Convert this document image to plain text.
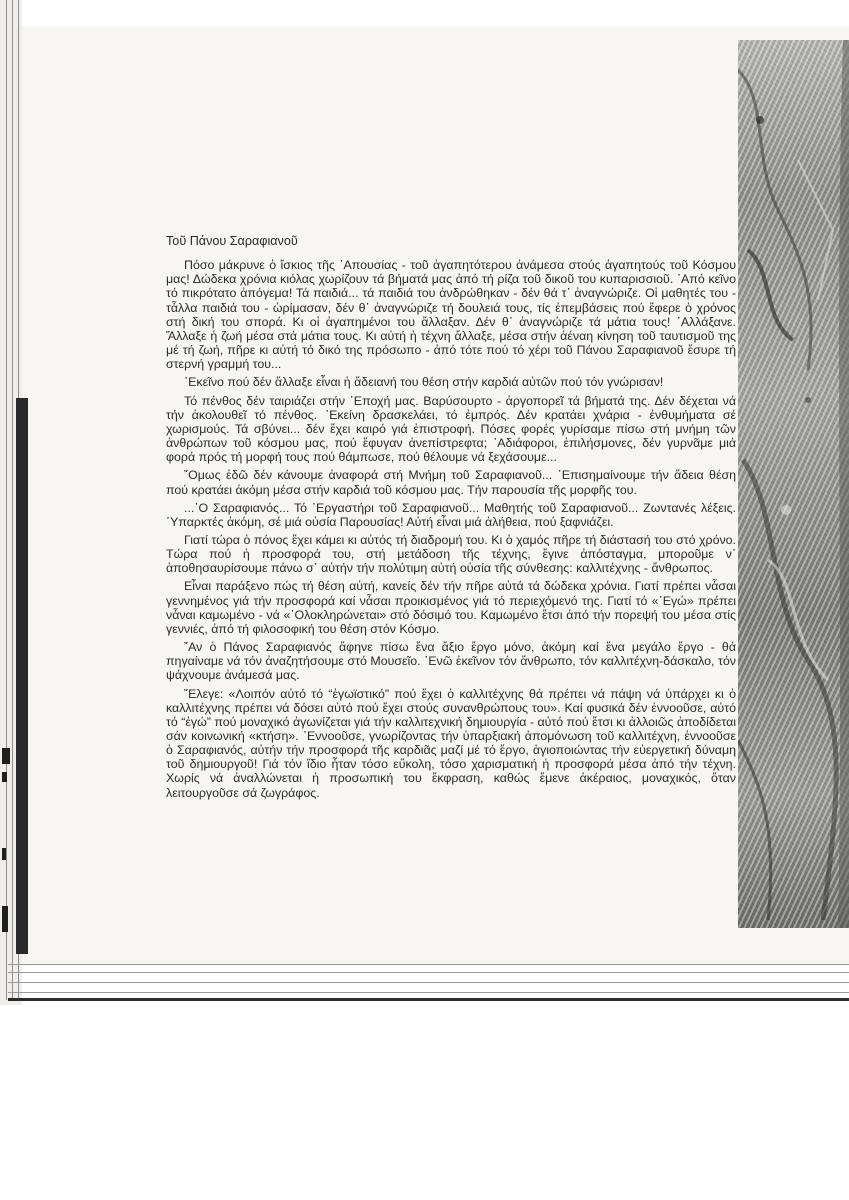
Τοῦ Πάνου Σαραφιανοῦ

Πόσο μάκρυνε ὁ ἴσκιος τῆς ᾿Απουσίας - τοῦ ἀγαπητότερου ἀνάμεσα στούς ἀγαπητούς τοῦ Κόσμου μας! Δώδεκα χρόνια κιόλας χωρίζουν τά βήματά μας ἀπό τή ρίζα τοῦ δικοῦ του κυπαρισσιοῦ. ᾿Από κεῖνο τό πικρότατο ἀπόγεμα! Τά παιδιά... τά παιδιά του ἀνδρώθηκαν - δέν θά τ᾿ ἀναγνώριζε. Οἱ μαθητές του - τἆλλα παιδιά του - ὡρίμασαν, δέν θ᾿ ἀναγνώριζε τή δουλειά τους, τίς ἐπεμβάσεις πού ἔφερε ὁ χρόνος στή δική του σπορά. Κι οἱ ἀγαπημένοι του ἄλλαξαν. Δέν θ᾿ ἀναγνώριζε τά μάτια τους! ᾿Αλλάξανε. Ἄλλαξε ἡ ζωή μέσα στά μάτια τους. Κι αὐτή ἡ τέχνη ἄλλαξε, μέσα στήν ἀέναη κίνηση τοῦ ταυτισμοῦ της μέ τή ζωή, πῆρε κι αὐτή τό δικό της πρόσωπο - ἀπό τότε πού τό χέρι τοῦ Πάνου Σαραφιανοῦ ἔσυρε τή στερνή γραμμή του...

᾿Εκεῖνο πού δέν ἄλλαξε εἶναι ἡ ἄδειανή του θέση στήν καρδιά αὐτῶν πού τόν γνώρισαν!

Τό πένθος δέν ταιριάζει στήν ᾿Εποχή μας. Βαρύσουρτο - ἀργοπορεῖ τά βήματά της. Δέν δέχεται νά τήν ἀκολουθεῖ τό πένθος. ᾿Εκείνη δρασκελάει, τό ἐμπρός. Δέν κρατάει χνάρια - ἐνθυμήματα σέ χωρισμούς. Τά σβύνει... δέν ἔχει καιρό γιά ἐπιστροφή. Πόσες φορές γυρίσαμε πίσω στή μνήμη τῶν ἀνθρώπων τοῦ κόσμου μας, πού ἔφυγαν ἀνεπίστρεφτα; ᾿Αδιάφοροι, ἐπιλήσμονες, δέν γυρνᾶμε μιά φορά πρός τή μορφή τους πού θάμπωσε, πού θέλουμε νά ξεχάσουμε...

῎Ομως ἐδῶ δέν κάνουμε ἀναφορά στή Μνήμη τοῦ Σαραφιανοῦ... ᾿Επισημαίνουμε τήν ἄδεια θέση πού κρατάει ἀκόμη μέσα στήν καρδιά τοῦ κόσμου μας. Τήν παρουσία τῆς μορφῆς του.

...᾿Ο Σαραφιανός... Τό ᾿Εργαστήρι τοῦ Σαραφιανοῦ... Μαθητής τοῦ Σαραφιανοῦ... Ζωντανές λέξεις. ῾Υπαρκτές ἀκόμη, σέ μιά οὐσία Παρουσίας! Αὐτή εἶναι μιά ἀλήθεια, πού ξαφνιάζει.

Γιατί τώρα ὁ πόνος ἔχει κάμει κι αὐτός τή διαδρομή του. Κι ὁ χαμός πῆρε τή διάστασή του στό χρόνο. Τώρα πού ἡ προσφορά του, στή μετάδοση τῆς τέχνης, ἔγινε ἀπόσταγμα, μποροῦμε ν᾿ ἀποθησαυρίσουμε πάνω σ᾿ αὐτήν τήν πολύτιμη αὐτή οὐσία τῆς σύνθεσης: καλλιτέχνης - ἄνθρωπος.

Εἶναι παράξενο πώς τή θέση αὐτή, κανείς δέν τήν πῆρε αὐτά τά δώδεκα χρόνια. Γιατί πρέπει νἆσαι γεννημένος γιά τήν προσφορά καί νἆσαι προικισμένος γιά τό περιεχόμενό της. Γιατί τό «᾿Εγώ» πρέπει νἆναι καμωμένο - νά «᾿Ολοκληρώνεται» στό δόσιμό του. Καμωμένο ἔτσι ἀπό τήν πορεψή του μέσα στίς γεννιές, ἀπό τή φιλοσοφική του θέση στόν Κόσμο.

῎Αν ὁ Πάνος Σαραφιανός ἄφηνε πίσω ἕνα ἄξιο ἔργο μόνο, ἀκόμη καί ἕνα μεγάλο ἔργο - θά πηγαίναμε νά τόν ἀναζητήσουμε στό Μουσεῖο. ᾿Ενῶ ἐκεῖνον τόν ἄνθρωπο, τόν καλλιτέχνη-δάσκαλο, τόν ψάχνουμε ἀνάμεσά μας.

῎Ελεγε: «Λοιπόν αὐτό τό “ἐγωϊστικό” πού ἔχει ὁ καλλιτέχνης θά πρέπει νά πάψη νά ὑπάρχει κι ὁ καλλιτέχνης πρέπει νά δόσει αὐτό πού ἔχει στούς συνανθρώπους του». Καί φυσικά δέν ἐννοοῦσε, αὐτό τό “ἐγώ” πού μοναχικό ἀγωνίζεται γιά τήν καλλιτεχνική δημιουργία - αὐτό πού ἔτσι κι ἀλλοιῶς ἀποδίδεται σάν κοινωνική «κτήση». ᾿Εννοοῦσε, γνωρίζοντας τήν ὑπαρξιακή ἀπομόνωση τοῦ καλλιτέχνη, ἐννοοῦσε ὁ Σαραφιανός, αὐτήν τήν προσφορά τῆς καρδιᾶς μαζί μέ τό ἔργο, ἁγιοποιώντας τήν εὐεργετική δύναμη τοῦ δημιουργοῦ! Γιά τόν ἴδιο ἦταν τόσο εὔκολη, τόσο χαρισματική ἡ προσφορά μέσα ἀπό τήν τέχνη. Χωρίς νά ἀναλλώνεται ἡ προσωπική του ἔκφραση, καθώς ἔμενε ἀκέραιος, μοναχικός, ὅταν λειτουργοῦσε σά ζωγράφος.
